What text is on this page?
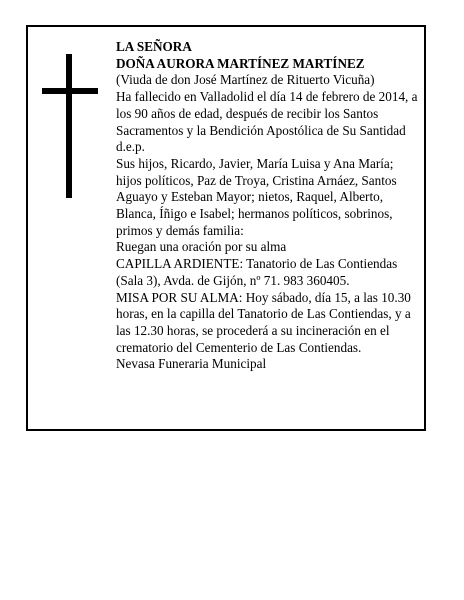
LA SEÑORA

DOÑA AURORA MARTÍNEZ MARTÍNEZ

(Viuda de don José Martínez de Rituerto Vicuña)

Ha fallecido en Valladolid el día 14 de febrero de 2014, a los 90 años de edad, después de recibir los Santos Sacramentos y la Bendición Apostólica de Su Santidad d.e.p.

Sus hijos, Ricardo, Javier, María Luisa y Ana María; hijos políticos, Paz de Troya, Cristina Arnáez, Santos Aguayo y Esteban Mayor; nietos, Raquel, Alberto, Blanca, Íñigo e Isabel; hermanos políticos, sobrinos, primos y demás familia:

Ruegan una oración por su alma

CAPILLA ARDIENTE: Tanatorio de Las Contiendas (Sala 3), Avda. de Gijón, nº 71. 983 360405.

MISA POR SU ALMA: Hoy sábado, día 15, a las 10.30 horas, en la capilla del Tanatorio de Las Contiendas, y a las 12.30 horas, se procederá a su incineración en el crematorio del Cementerio de Las Contiendas.

Nevasa Funeraria Municipal
